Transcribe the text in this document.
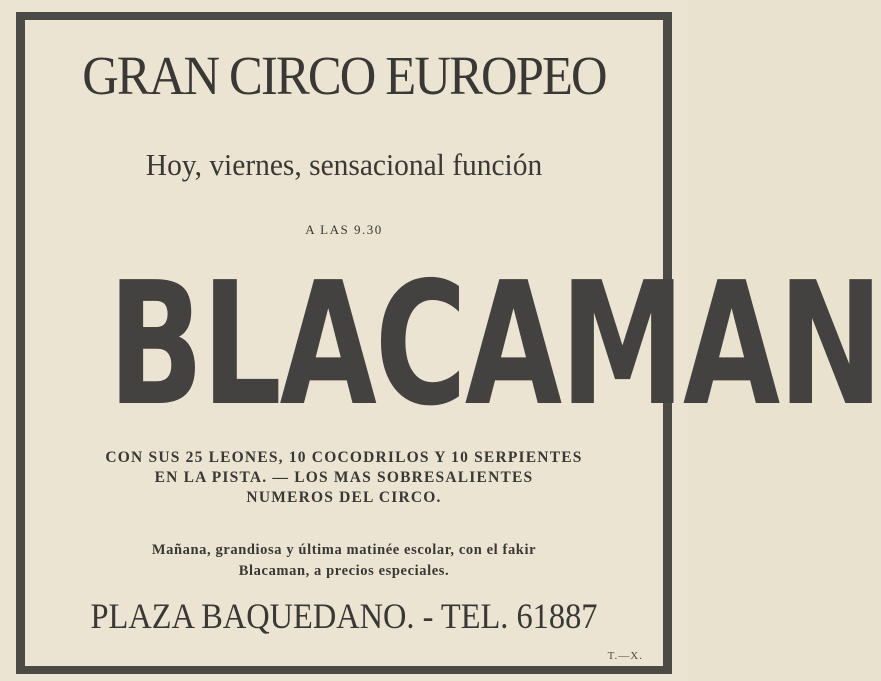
GRAN CIRCO EUROPEO
Hoy, viernes, sensacional función
A LAS 9.30
BLACAMAN
CON SUS 25 LEONES, 10 COCODRILOS Y 10 SERPIENTES
EN LA PISTA. — LOS MAS SOBRESALIENTES
NUMEROS DEL CIRCO.
Mañana, grandiosa y última matinée escolar, con el fakir
Blacaman, a precios especiales.
PLAZA BAQUEDANO. - TEL. 61887
T.—X.
